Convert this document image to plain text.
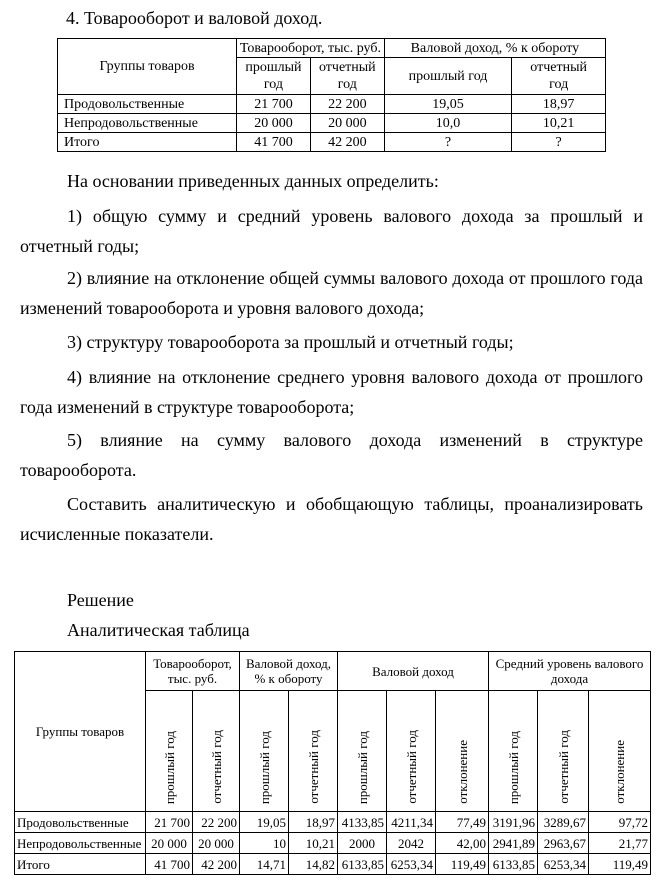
4. Товарооборот и валовой доход.

Группы товаров	Товарооборот, тыс. руб.		Валовой доход, % к обороту	
	прошлый год	отчетный год	прошлый год	отчетный год
Продовольственные	21 700	22 200	19,05	18,97
Непродовольственные	20 000	20 000	10,0	10,21
Итого	41 700	42 200	?	?

На основании приведенных данных определить:

1) общую сумму и средний уровень валового дохода за прошлый и отчетный годы;

2) влияние на отклонение общей суммы валового дохода от прошлого года изменений товарооборота и уровня валового дохода;

3) структуру товарооборота за прошлый и отчетный годы;

4) влияние на отклонение среднего уровня валового дохода от прошлого года изменений в структуре товарооборота;

5) влияние на сумму валового дохода изменений в структуре товарооборота.

Составить аналитическую и обобщающую таблицы, проанализировать исчисленные показатели.

Решение

Аналитическая таблица

Группы товаров	Товарооборот, тыс. руб.		Валовой доход, % к обороту		Валовой доход			Средний уровень валового дохода		
	прошлый год	отчетный год	прошлый год	отчетный год	прошлый год	отчетный год	отклонение	прошлый год	отчетный год	отклонение
Продовольственные	21 700	22 200	19,05	18,97	4133,85	4211,34	77,49	3191,96	3289,67	97,72
Непродовольственные	20 000	20 000	10	10,21	2000	2042	42,00	2941,89	2963,67	21,77
Итого	41 700	42 200	14,71	14,82	6133,85	6253,34	119,49	6133,85	6253,34	119,49
